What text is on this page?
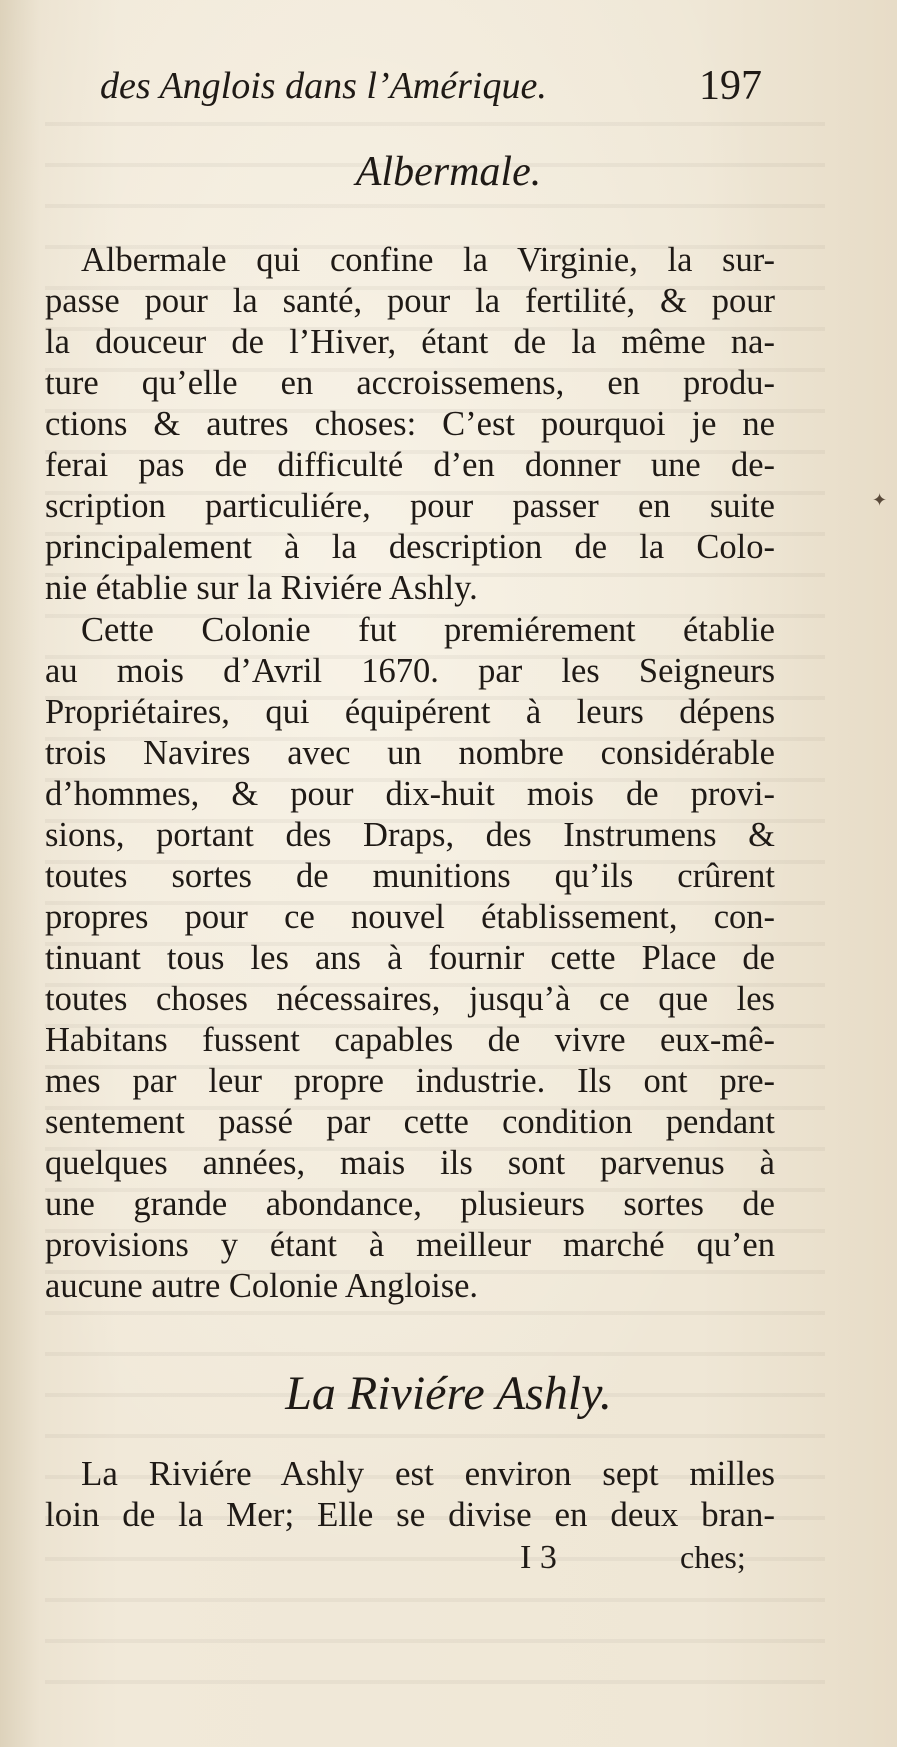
des Anglois dans l’Amérique.	197
Albermale.
Albermale qui confine la Virginie, la sur-
passe pour la santé, pour la fertilité, & pour
la douceur de l’Hiver, étant de la même na-
ture qu’elle en accroissemens, en produ-
ctions & autres choses: C’est pourquoi je ne
ferai pas de difficulté d’en donner une de-
scription particuliére, pour passer en suite
principalement à la description de la Colo-
nie établie sur la Riviére Ashly.
Cette Colonie fut premiérement établie
au mois d’Avril 1670. par les Seigneurs
Propriétaires, qui équipérent à leurs dépens
trois Navires avec un nombre considérable
d’hommes, & pour dix-huit mois de provi-
sions, portant des Draps, des Instrumens &
toutes sortes de munitions qu’ils crûrent
propres pour ce nouvel établissement, con-
tinuant tous les ans à fournir cette Place de
toutes choses nécessaires, jusqu’à ce que les
Habitans fussent capables de vivre eux-mê-
mes par leur propre industrie. Ils ont pre-
sentement passé par cette condition pendant
quelques années, mais ils sont parvenus à
une grande abondance, plusieurs sortes de
provisions y étant à meilleur marché qu’en
aucune autre Colonie Angloise.
La Riviére Ashly.
La Riviére Ashly est environ sept milles
loin de la Mer; Elle se divise en deux bran-
I 3	ches;
✦
